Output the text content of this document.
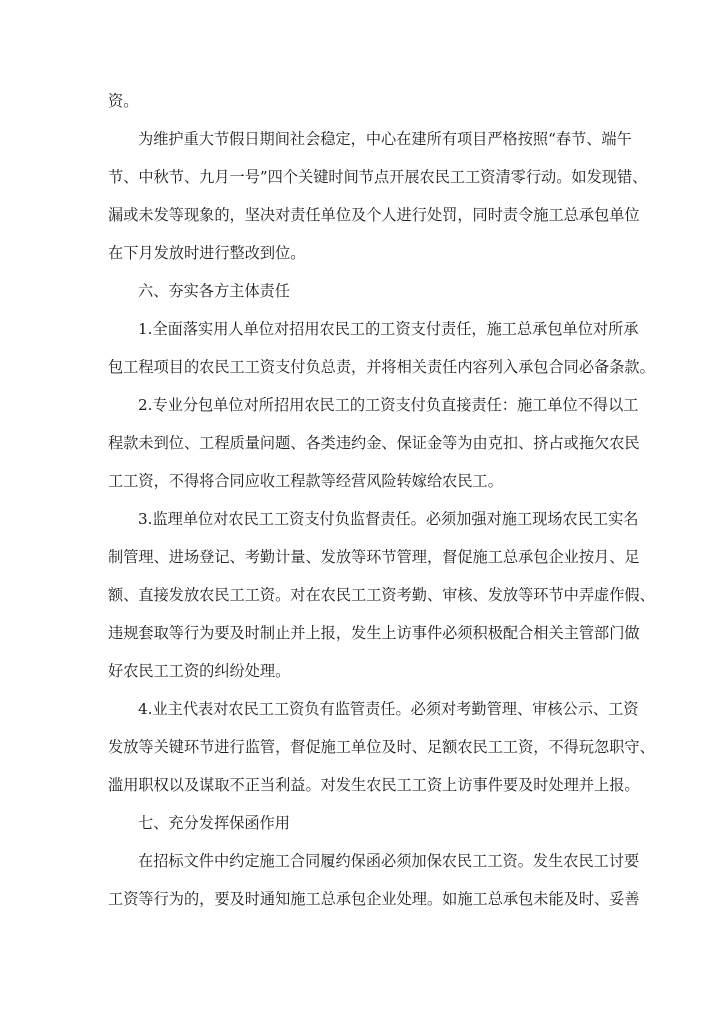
资。
为维护重大节假日期间社会稳定，中心在建所有项目严格按照“春节、端午
节、中秋节、九月一号”四个关键时间节点开展农民工工资清零行动。如发现错、
漏或未发等现象的，坚决对责任单位及个人进行处罚，同时责令施工总承包单位
在下月发放时进行整改到位。
六、夯实各方主体责任
1.全面落实用人单位对招用农民工的工资支付责任，施工总承包单位对所承
包工程项目的农民工工资支付负总责，并将相关责任内容列入承包合同必备条款。
2.专业分包单位对所招用农民工的工资支付负直接责任：施工单位不得以工
程款未到位、工程质量问题、各类违约金、保证金等为由克扣、挤占或拖欠农民
工工资，不得将合同应收工程款等经营风险转嫁给农民工。
3.监理单位对农民工工资支付负监督责任。必须加强对施工现场农民工实名
制管理、进场登记、考勤计量、发放等环节管理，督促施工总承包企业按月、足
额、直接发放农民工工资。对在农民工工资考勤、审核、发放等环节中弄虚作假、
违规套取等行为要及时制止并上报，发生上访事件必须积极配合相关主管部门做
好农民工工资的纠纷处理。
4.业主代表对农民工工资负有监管责任。必须对考勤管理、审核公示、工资
发放等关键环节进行监管，督促施工单位及时、足额农民工工资，不得玩忽职守、
滥用职权以及谋取不正当利益。对发生农民工工资上访事件要及时处理并上报。
七、充分发挥保函作用
在招标文件中约定施工合同履约保函必须加保农民工工资。发生农民工讨要
工资等行为的，要及时通知施工总承包企业处理。如施工总承包未能及时、妥善
